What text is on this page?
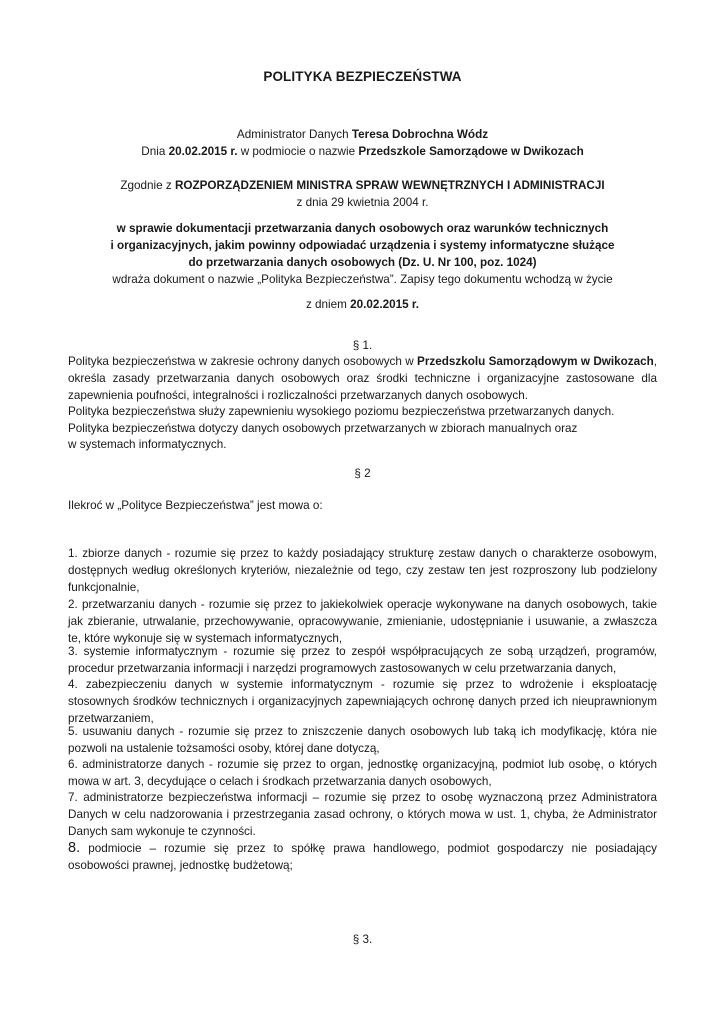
POLITYKA BEZPIECZEŃSTWA
Administrator Danych Teresa Dobrochna Wódz
Dnia 20.02.2015 r. w podmiocie o nazwie Przedszkole Samorządowe w Dwikozach
Zgodnie z ROZPORZĄDZENIEM MINISTRA SPRAW WEWNĘTRZNYCH I ADMINISTRACJI
z dnia 29 kwietnia 2004 r.
w sprawie dokumentacji przetwarzania danych osobowych oraz warunków technicznych
i organizacyjnych, jakim powinny odpowiadać urządzenia i systemy informatyczne służące
do przetwarzania danych osobowych (Dz. U. Nr 100, poz. 1024)
wdraża dokument o nazwie „Polityka Bezpieczeństwa”. Zapisy tego dokumentu wchodzą w życie
z dniem 20.02.2015 r.
§ 1.
Polityka bezpieczeństwa w zakresie ochrony danych osobowych w Przedszkolu Samorządowym w Dwikozach, określa zasady przetwarzania danych osobowych oraz środki techniczne i organizacyjne zastosowane dla zapewnienia poufności, integralności i rozliczalności przetwarzanych danych osobowych.
Polityka bezpieczeństwa służy zapewnieniu wysokiego poziomu bezpieczeństwa przetwarzanych danych.
Polityka bezpieczeństwa dotyczy danych osobowych przetwarzanych w zbiorach manualnych oraz
w systemach informatycznych.
§ 2
Ilekroć w „Polityce Bezpieczeństwa” jest mowa o:
1. zbiorze danych - rozumie się przez to każdy posiadający strukturę zestaw danych o charakterze osobowym, dostępnych według określonych kryteriów, niezależnie od tego, czy zestaw ten jest rozproszony lub podzielony funkcjonalnie,
2. przetwarzaniu danych - rozumie się przez to jakiekolwiek operacje wykonywane na danych osobowych, takie jak zbieranie, utrwalanie, przechowywanie, opracowywanie, zmienianie, udostępnianie i usuwanie, a zwłaszcza te, które wykonuje się w systemach informatycznych,
3. systemie informatycznym - rozumie się przez to zespół współpracujących ze sobą urządzeń, programów, procedur przetwarzania informacji i narzędzi programowych zastosowanych w celu przetwarzania danych,
4. zabezpieczeniu danych w systemie informatycznym - rozumie się przez to wdrożenie i eksploatację stosownych środków technicznych i organizacyjnych zapewniających ochronę danych przed ich nieuprawnionym przetwarzaniem,
5. usuwaniu danych - rozumie się przez to zniszczenie danych osobowych lub taką ich modyfikację, która nie pozwoli na ustalenie tożsamości osoby, której dane dotyczą,
6. administratorze danych - rozumie się przez to organ, jednostkę organizacyjną, podmiot lub osobę, o których mowa w art. 3, decydujące o celach i środkach przetwarzania danych osobowych,
7. administratorze bezpieczeństwa informacji – rozumie się przez to osobę wyznaczoną przez Administratora Danych w celu nadzorowania i przestrzegania zasad ochrony, o których mowa w ust. 1, chyba, że Administrator Danych sam wykonuje te czynności.
8. podmiocie – rozumie się przez to spółkę prawa handlowego, podmiot gospodarczy nie posiadający osobowości prawnej, jednostkę budżetową;
§ 3.
